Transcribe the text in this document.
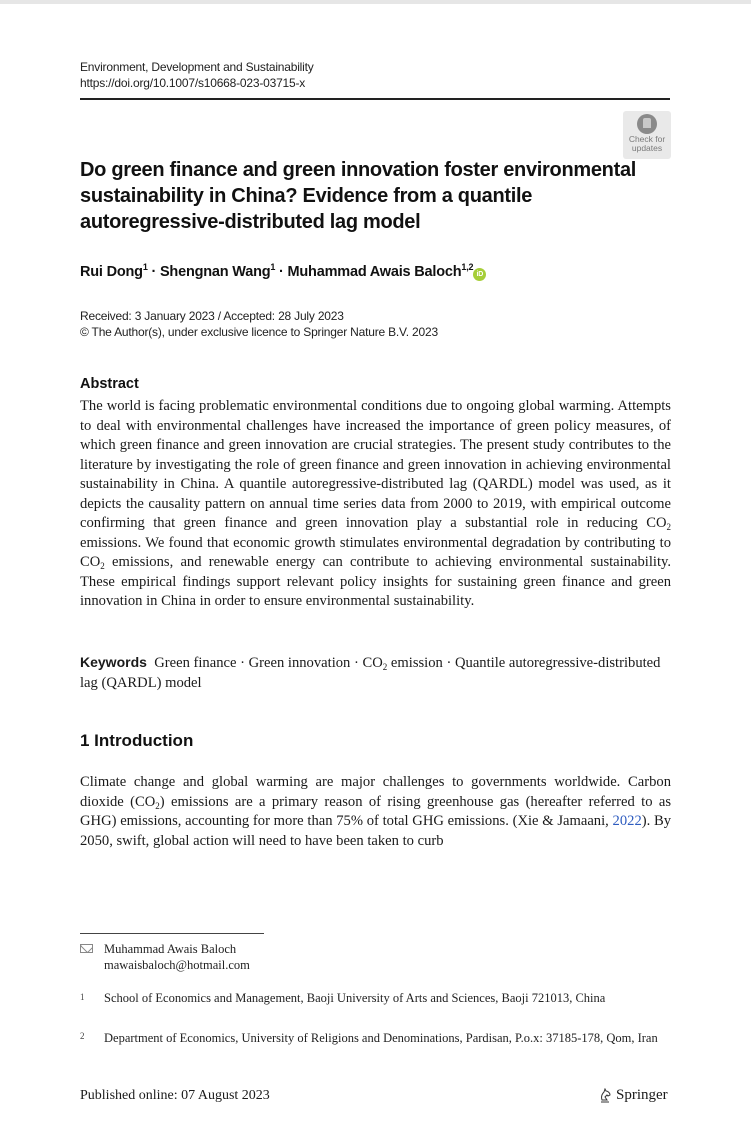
Environment, Development and Sustainability
https://doi.org/10.1007/s10668-023-03715-x
Check for
updates
Do green finance and green innovation foster environmental sustainability in China? Evidence from a quantile autoregressive-distributed lag model
Rui Dong$^1$ · Shengnan Wang$^1$ · Muhammad Awais Baloch$^{1,2}$iD
Received: 3 January 2023 / Accepted: 28 July 2023
© The Author(s), under exclusive licence to Springer Nature B.V. 2023
Abstract

The world is facing problematic environmental conditions due to ongoing global warming. Attempts to deal with environmental challenges have increased the importance of green policy measures, of which green finance and green innovation are crucial strategies. The present study contributes to the literature by investigating the role of green finance and green innovation in achieving environmental sustainability in China. A quantile autoregressive-distributed lag (QARDL) model was used, as it depicts the causality pattern on annual time series data from 2000 to 2019, with empirical outcome confirming that green finance and green innovation play a substantial role in reducing $CO_2$ emissions. We found that economic growth stimulates environmental degradation by contributing to $CO_2$ emissions, and renewable energy can contribute to achieving environmental sustainability. These empirical findings support relevant policy insights for sustaining green finance and green innovation in China in order to ensure environmental sustainability.

Keywords Green finance · Green innovation · $CO_2$ emission · Quantile autoregressive-distributed lag (QARDL) model
1 Introduction
Climate change and global warming are major challenges to governments worldwide. Carbon dioxide $(CO_2)$ emissions are a primary reason of rising greenhouse gas (hereafter referred to as GHG) emissions, accounting for more than 75% of total GHG emissions. (Xie & Jamaani, 2022). By 2050, swift, global action will need to have been taken to curb
Muhammad Awais Baloch
mawaisbaloch@hotmail.com
1 School of Economics and Management, Baoji University of Arts and Sciences, Baoji 721013, China
2 Department of Economics, University of Religions and Denominations, Pardisan, P.o.x: 37185-178, Qom, Iran
Published online: 07 August 2023	Springer
